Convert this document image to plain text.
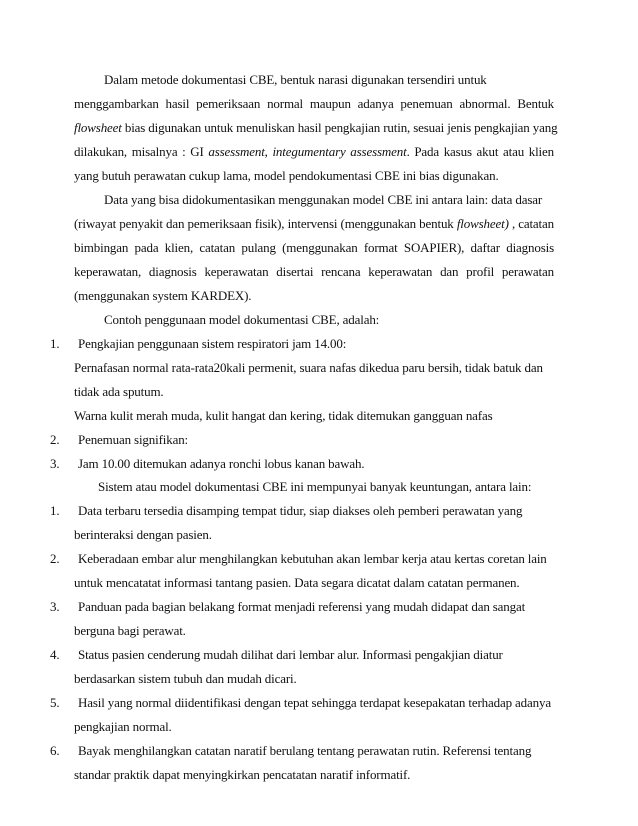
Dalam metode dokumentasi CBE, bentuk narasi digunakan tersendiri untuk
menggambarkan hasil pemeriksaan normal maupun adanya penemuan abnormal. Bentuk
flowsheet bias digunakan untuk menuliskan hasil pengkajian rutin, sesuai jenis pengkajian yang
dilakukan, misalnya : GI assessment, integumentary assessment. Pada kasus akut atau klien
yang butuh perawatan cukup lama, model pendokumentasi CBE ini bias digunakan.
Data yang bisa didokumentasikan menggunakan model CBE ini antara lain: data dasar
(riwayat penyakit dan pemeriksaan fisik), intervensi (menggunakan bentuk flowsheet) , catatan
bimbingan pada klien, catatan pulang (menggunakan format SOAPIER), daftar diagnosis
keperawatan, diagnosis keperawatan disertai rencana keperawatan dan profil perawatan
(menggunakan system KARDEX).
Contoh penggunaan model dokumentasi CBE, adalah:
1. Pengkajian penggunaan sistem respiratori jam 14.00:
Pernafasan normal rata-rata20kali permenit, suara nafas dikedua paru bersih, tidak batuk dan
tidak ada sputum.
Warna kulit merah muda, kulit hangat dan kering, tidak ditemukan gangguan nafas
2. Penemuan signifikan:
3. Jam 10.00 ditemukan adanya ronchi lobus kanan bawah.
Sistem atau model dokumentasi CBE ini mempunyai banyak keuntungan, antara lain:
1. Data terbaru tersedia disamping tempat tidur, siap diakses oleh pemberi perawatan yang
berinteraksi dengan pasien.
2. Keberadaan embar alur menghilangkan kebutuhan akan lembar kerja atau kertas coretan lain
untuk mencatatat informasi tantang pasien. Data segara dicatat dalam catatan permanen.
3. Panduan pada bagian belakang format menjadi referensi yang mudah didapat dan sangat
berguna bagi perawat.
4. Status pasien cenderung mudah dilihat dari lembar alur. Informasi pengakjian diatur
berdasarkan sistem tubuh dan mudah dicari.
5. Hasil yang normal diidentifikasi dengan tepat sehingga terdapat kesepakatan terhadap adanya
pengkajian normal.
6. Bayak menghilangkan catatan naratif berulang tentang perawatan rutin. Referensi tentang
standar praktik dapat menyingkirkan pencatatan naratif informatif.
